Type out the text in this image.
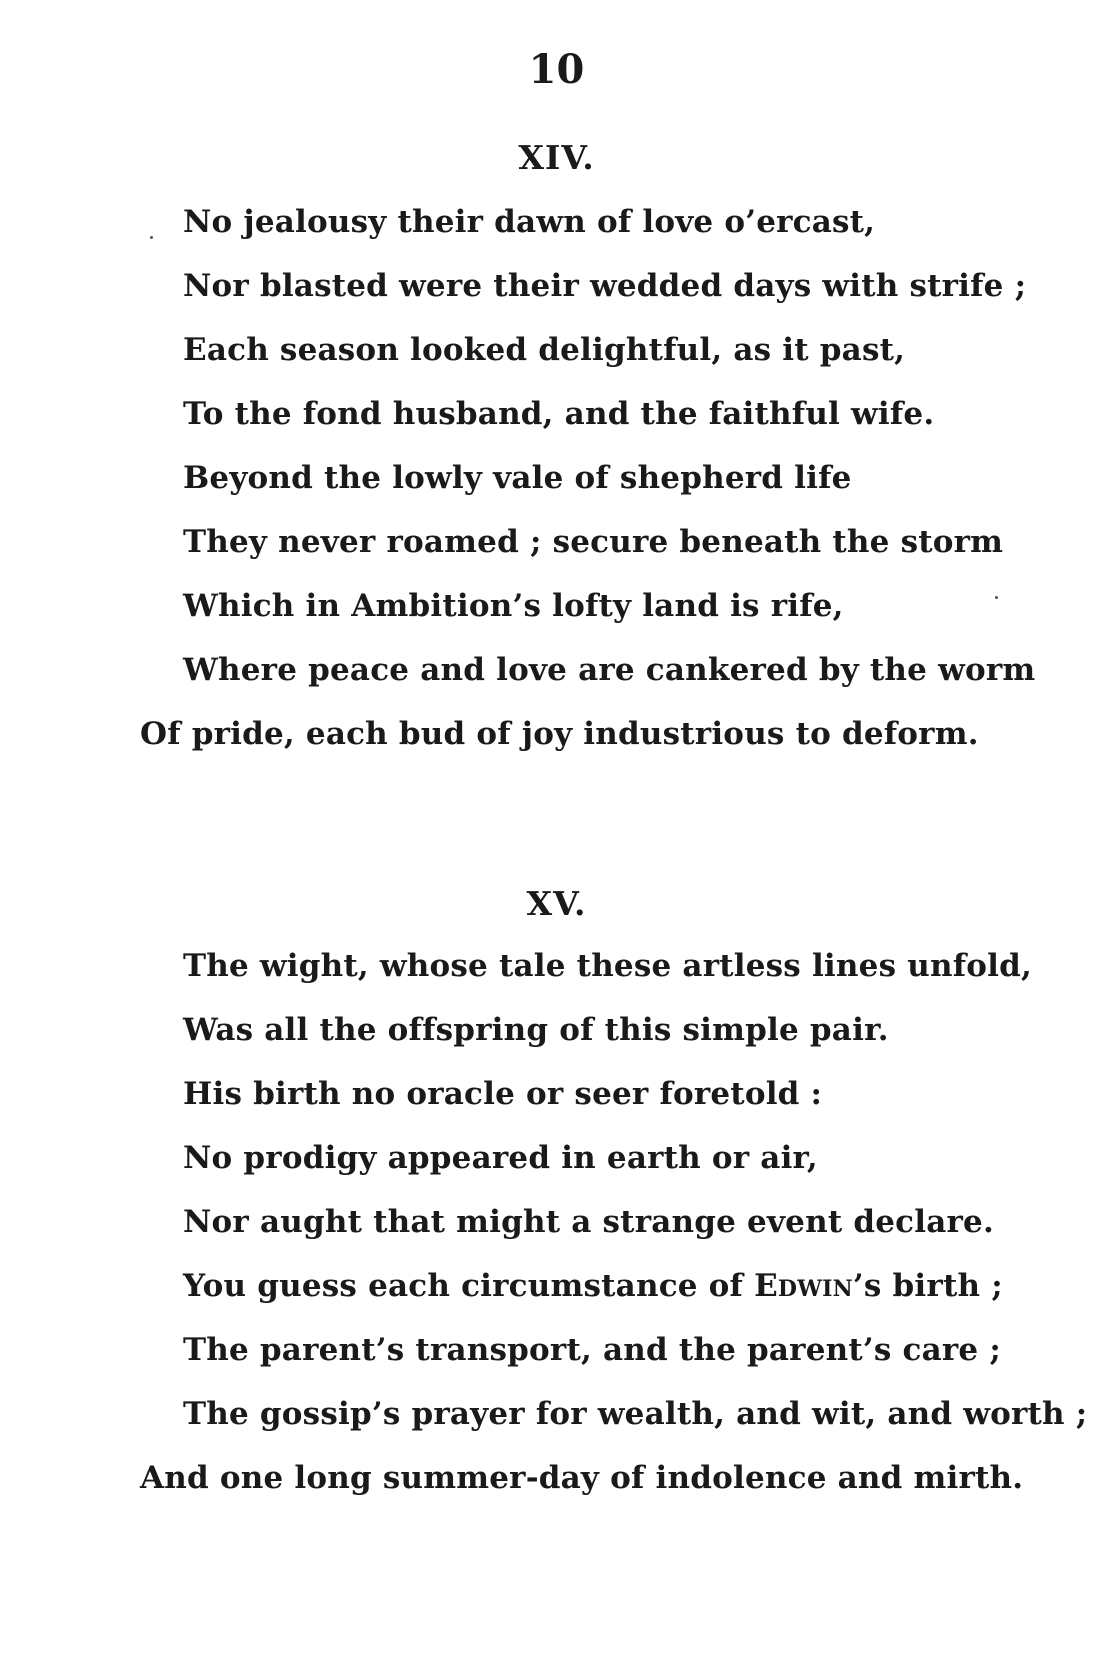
10
XIV.
No jealousy their dawn of love o’ercast,
Nor blasted were their wedded days with strife ;
Each season looked delightful, as it past,
To the fond husband, and the faithful wife.
Beyond the lowly vale of shepherd life
They never roamed ; secure beneath the storm
Which in Ambition’s lofty land is rife,
Where peace and love are cankered by the worm
Of pride, each bud of joy industrious to deform.
XV.
The wight, whose tale these artless lines unfold,
Was all the offspring of this simple pair.
His birth no oracle or seer foretold :
No prodigy appeared in earth or air,
Nor aught that might a strange event declare.
You guess each circumstance of Edwin’s birth ;
The parent’s transport, and the parent’s care ;
The gossip’s prayer for wealth, and wit, and worth ;
And one long summer-day of indolence and mirth.
